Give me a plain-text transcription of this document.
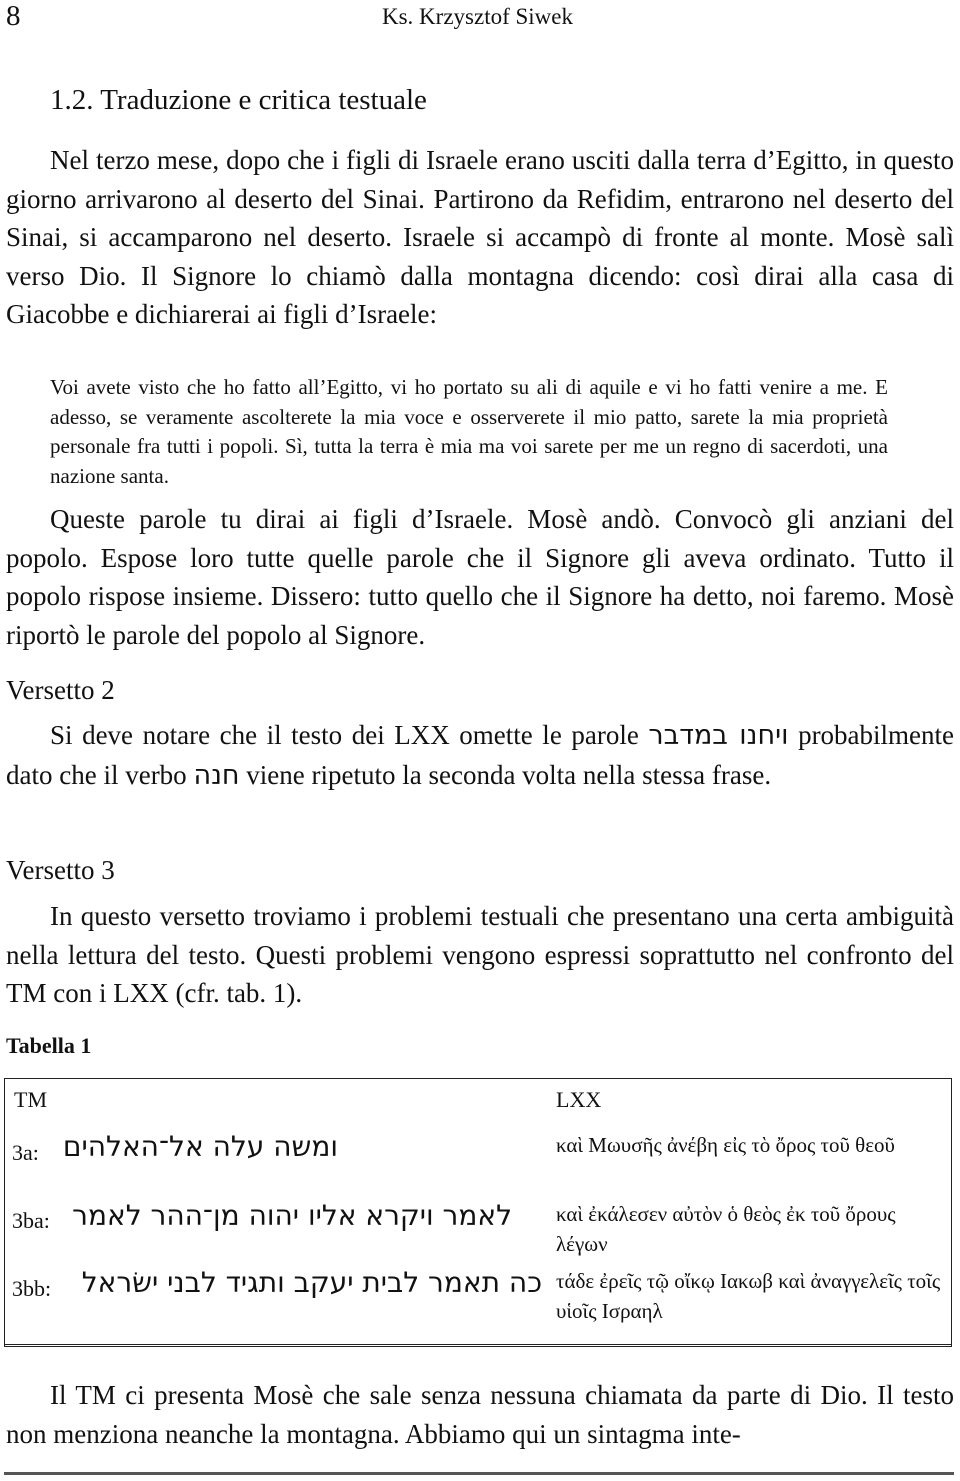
8	Ks. Krzysztof Siwek
1.2. Traduzione e critica testuale
Nel terzo mese, dopo che i figli di Israele erano usciti dalla terra d’Egitto, in questo giorno arrivarono al deserto del Sinai. Partirono da Refidim, entrarono nel deserto del Sinai, si accamparono nel deserto. Israele si accampò di fronte al monte. Mosè salì verso Dio. Il Signore lo chiamò dalla montagna dicendo: così dirai alla casa di Giacobbe e dichiarerai ai figli d’Israele:
Voi avete visto che ho fatto all’Egitto, vi ho portato su ali di aquile e vi ho fatti venire a me. E adesso, se veramente ascolterete la mia voce e osserverete il mio patto, sarete la mia proprietà personale fra tutti i popoli. Sì, tutta la terra è mia ma voi sarete per me un regno di sacerdoti, una nazione santa.
Queste parole tu dirai ai figli d’Israele. Mosè andò. Convocò gli anziani del popolo. Espose loro tutte quelle parole che il Signore gli aveva ordinato. Tutto il popolo rispose insieme. Dissero: tutto quello che il Signore ha detto, noi faremo. Mosè riportò le parole del popolo al Signore.
Versetto 2
Si deve notare che il testo dei LXX omette le parole ויחנו במדבר probabilmente dato che il verbo חנה viene ripetuto la seconda volta nella stessa frase.
Versetto 3
In questo versetto troviamo i problemi testuali che presentano una certa ambiguità nella lettura del testo. Questi problemi vengono espressi soprattutto nel confronto del TM con i LXX (cfr. tab. 1).
Tabella 1
TM	LXX
3a: ומשה עלה אל־האלהים	καὶ Μωυσῆς ἀνέβη εἰς τὸ ὄρος τοῦ θεοῦ
3ba: לאמר ויקרא אליו יהוה מן־ההר לאמר καὶ ἐκάλεσεν αὐτὸν ὁ θεὸς ἐκ τοῦ ὄρους λέγων
3bb:	כה תאמר לבית יעקב ותגיד לבני ישׂראל τάδε ἐρεῖς τῷ οἴκῳ Ιακωβ καὶ ἀναγγελεῖς τοῖς υἱοῖς Ισραηλ
Il TM ci presenta Mosè che sale senza nessuna chiamata da parte di Dio. Il testo non menziona neanche la montagna. Abbiamo qui un sintagma inte-
